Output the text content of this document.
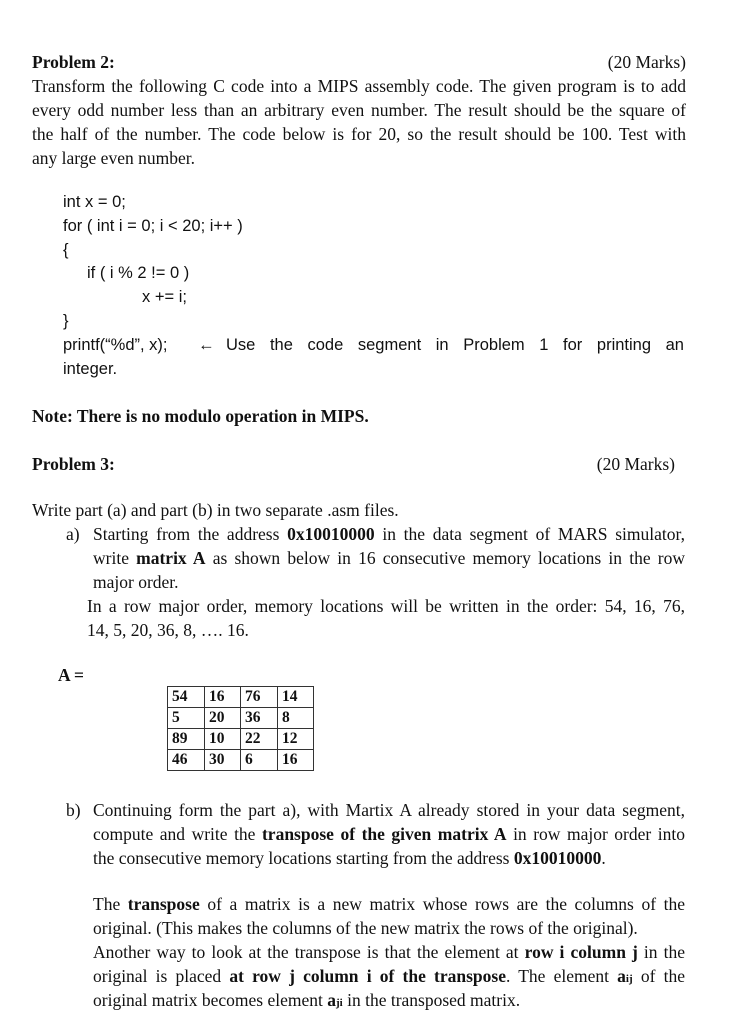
Problem 2:	(20 Marks)
Transform the following C code into a MIPS assembly code. The given program is to add
every odd number less than an arbitrary even number. The result should be the square of
the half of the number. The code below is for 20, so the result should be 100. Test with
any large even number.
int x = 0;
for ( int i = 0; i < 20; i++ )
{
if ( i % 2 != 0 )
x += i;
}
printf(“%d”, x); ← Use the code segment in Problem 1 for printing an
integer.
Note: There is no modulo operation in MIPS.
Problem 3:	(20 Marks)
Write part (a) and part (b) in two separate .asm files.
a) Starting from the address 0x10010000 in the data segment of MARS simulator,
write matrix A as shown below in 16 consecutive memory locations in the row
major order.
In a row major order, memory locations will be written in the order: 54, 16, 76,
14, 5, 20, 36, 8, …. 16.
A =
54	16	76	14
5	20	36	8
89	10	22	12
46	30	6	16
b) Continuing form the part a), with Martix A already stored in your data segment,
compute and write the transpose of the given matrix A in row major order into
the consecutive memory locations starting from the address 0x10010000.
The transpose of a matrix is a new matrix whose rows are the columns of the
original. (This makes the columns of the new matrix the rows of the original).
Another way to look at the transpose is that the element at row i column j in the
original is placed at row j column i of the transpose. The element aij of the
original matrix becomes element aji in the transposed matrix.
